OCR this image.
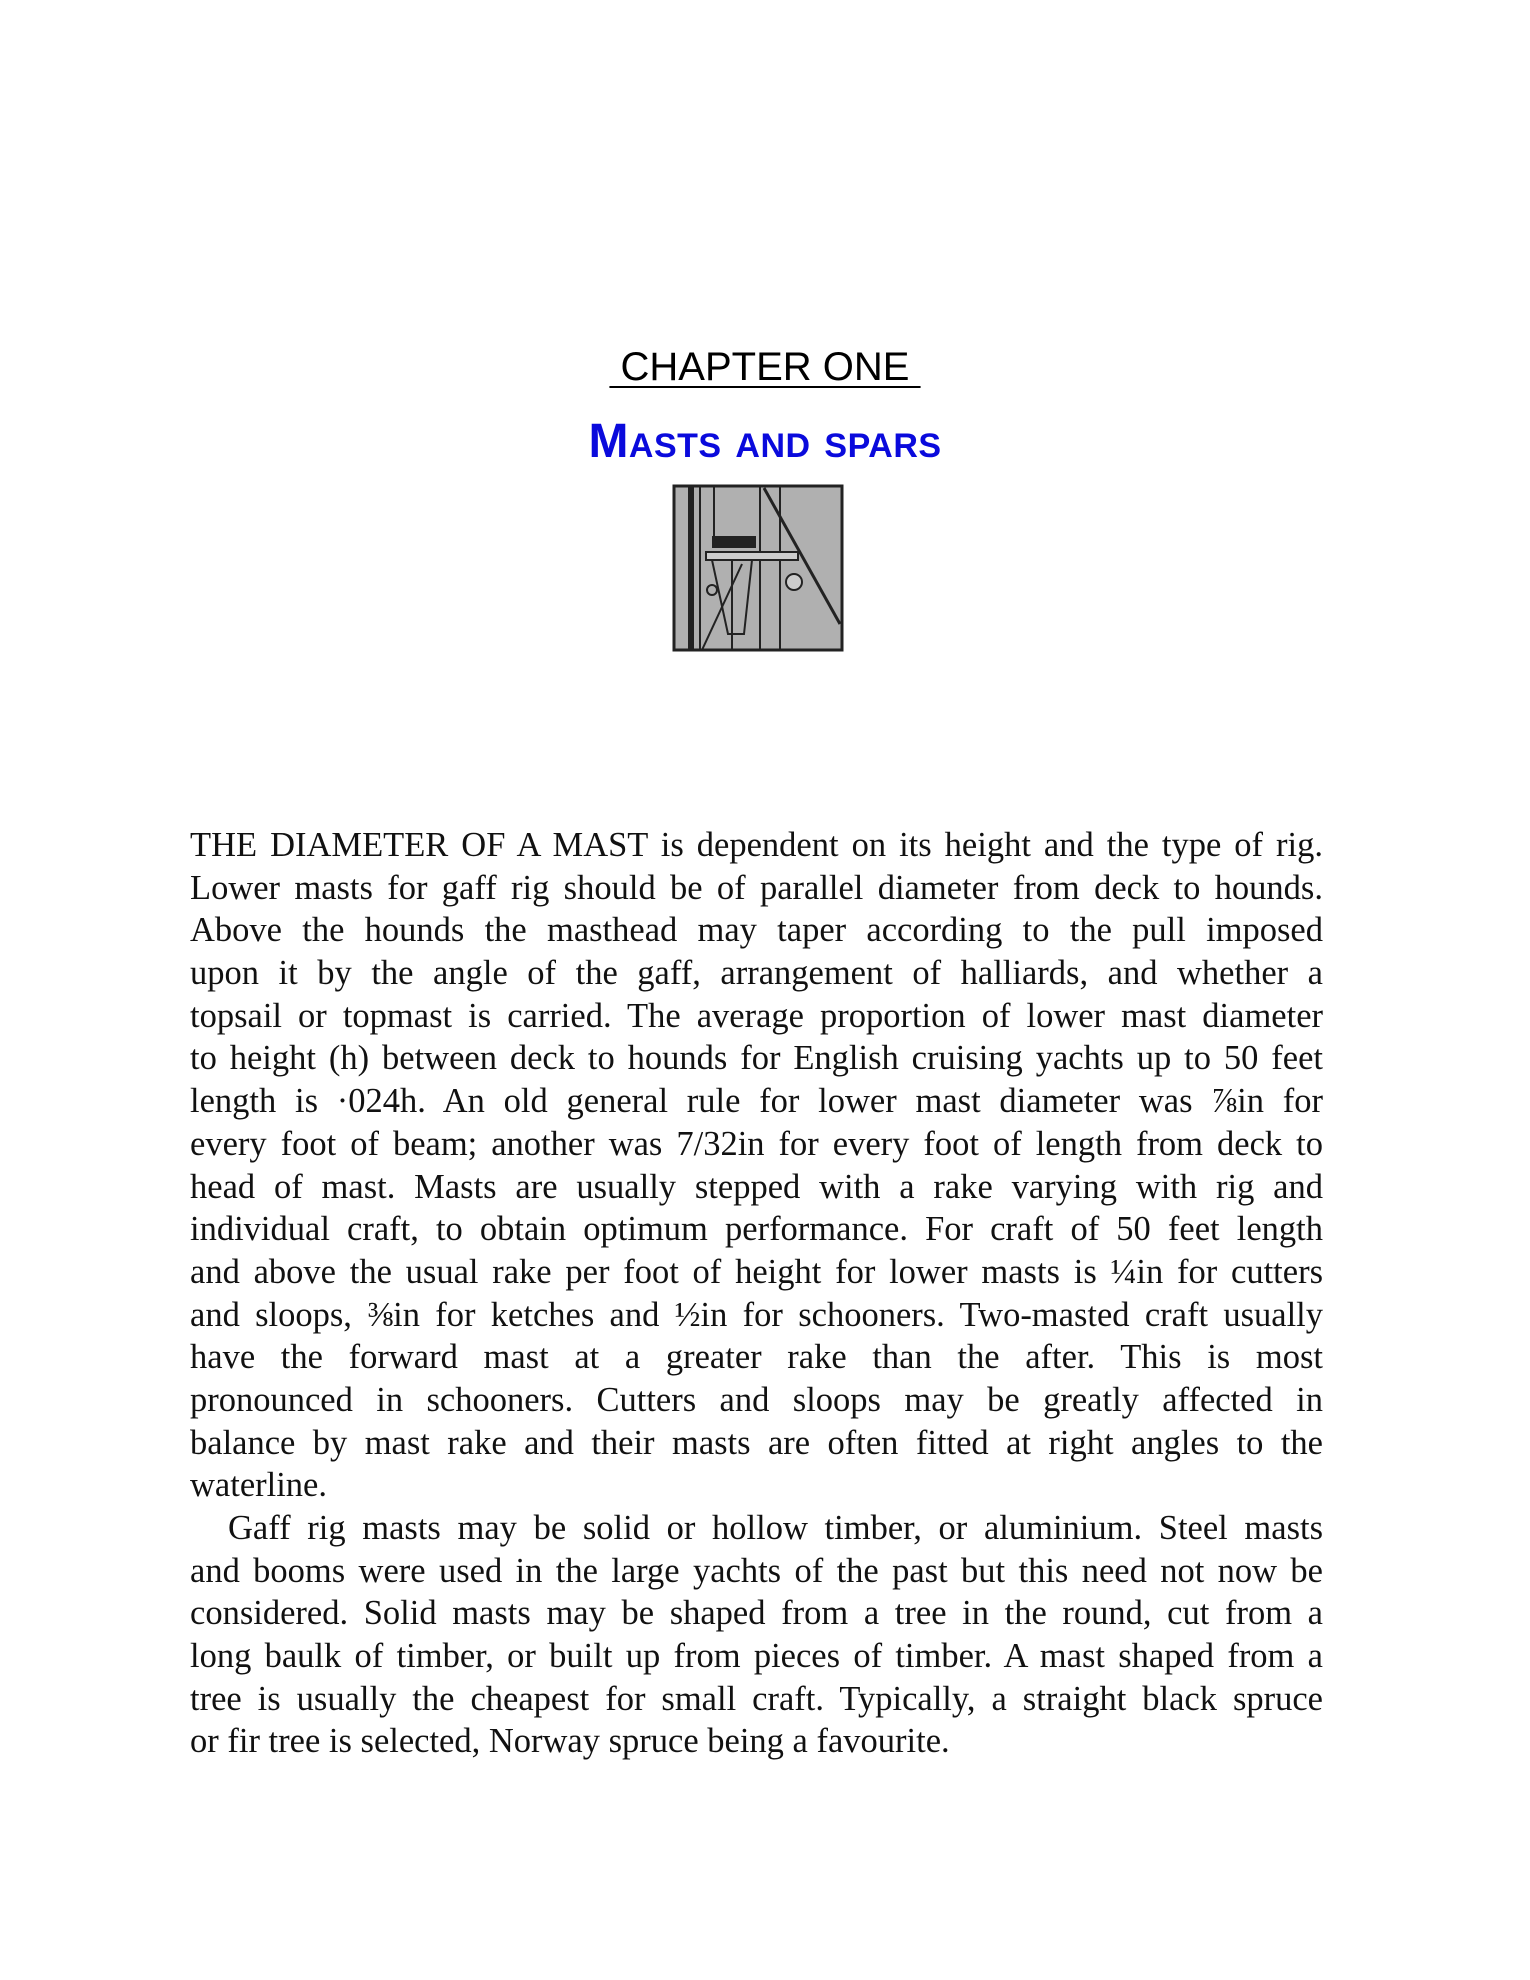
CHAPTER ONE
Masts and spars
THE DIAMETER OF A MAST is dependent on its height and the type of rig.
Lower masts for gaff rig should be of parallel diameter from deck to hounds.
Above the hounds the masthead may taper according to the pull imposed
upon it by the angle of the gaff, arrangement of halliards, and whether a
topsail or topmast is carried. The average proportion of lower mast diameter
to height (h) between deck to hounds for English cruising yachts up to 50 feet
length is ·024h. An old general rule for lower mast diameter was ⅞in for
every foot of beam; another was 7/32in for every foot of length from deck to
head of mast. Masts are usually stepped with a rake varying with rig and
individual craft, to obtain optimum performance. For craft of 50 feet length
and above the usual rake per foot of height for lower masts is ¼in for cutters
and sloops, ⅜in for ketches and ½in for schooners. Two-masted craft usually
have the forward mast at a greater rake than the after. This is most
pronounced in schooners. Cutters and sloops may be greatly affected in
balance by mast rake and their masts are often fitted at right angles to the
waterline.
Gaff rig masts may be solid or hollow timber, or aluminium. Steel masts
and booms were used in the large yachts of the past but this need not now be
considered. Solid masts may be shaped from a tree in the round, cut from a
long baulk of timber, or built up from pieces of timber. A mast shaped from a
tree is usually the cheapest for small craft. Typically, a straight black spruce
or fir tree is selected, Norway spruce being a favourite.
